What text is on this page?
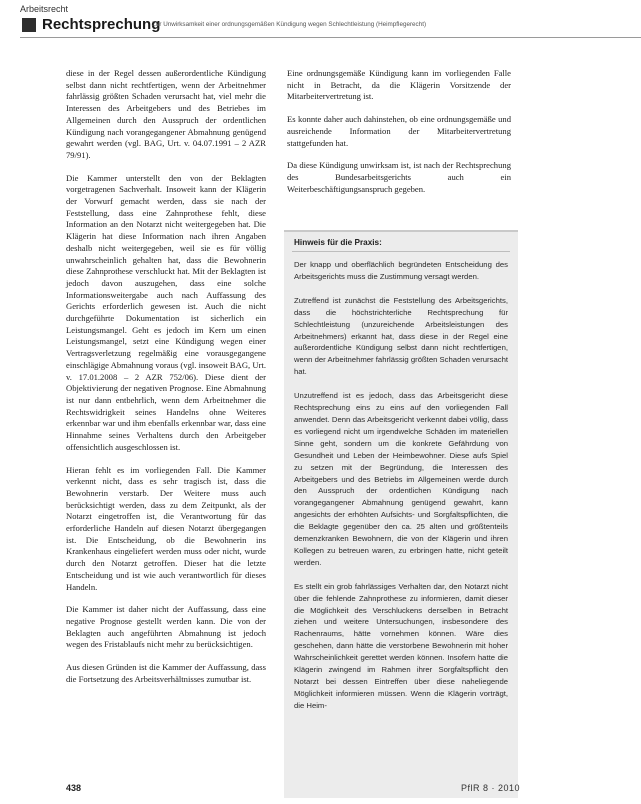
Arbeitsrecht
Rechtsprechung
Zur Unwirksamkeit einer ordnungsgemäßen Kündigung wegen Schlechtleistung (Heimpflegerecht)

diese in der Regel dessen außerordentliche Kündigung selbst dann nicht rechtfertigen, wenn der Arbeitnehmer fahrlässig größten Schaden verursacht hat, viel mehr die Interessen des Arbeitgebers und des Betriebes im Allgemeinen durch den Ausspruch der ordentlichen Kündigung nach vorangegangener Abmahnung genügend gewahrt werden (vgl. BAG, Urt. v. 04.07.1991 – 2 AZR 79/91).

Die Kammer unterstellt den von der Beklagten vorgetragenen Sachverhalt. Insoweit kann der Klägerin der Vorwurf gemacht werden, dass sie nach der Feststellung, dass eine Zahnprothese fehlt, diese Information an den Notarzt nicht weitergegeben hat. Die Klägerin hat diese Information nach ihren Angaben deshalb nicht weitergegeben, weil sie es für völlig unwahrscheinlich gehalten hat, dass die Bewohnerin diese Zahnprothese verschluckt hat. Mit der Beklagten ist jedoch davon auszugehen, dass eine solche Informationsweitergabe auch nach Auffassung des Gerichts erforderlich gewesen ist. Auch die nicht durchgeführte Dokumentation ist sicherlich ein Leistungsmangel. Geht es jedoch im Kern um einen Leistungsmangel, setzt eine Kündigung wegen einer Vertragsverletzung regelmäßig eine vorausgegangene einschlägige Abmahnung voraus (vgl. insoweit BAG, Urt. v. 17.01.2008 – 2 AZR 752/06). Diese dient der Objektivierung der negativen Prognose. Eine Abmahnung ist nur dann entbehrlich, wenn dem Arbeitnehmer die Rechtswidrigkeit seines Handelns ohne Weiteres erkennbar war und ihm ebenfalls erkennbar war, dass eine Hinnahme seines Verhaltens durch den Arbeitgeber offensichtlich ausgeschlossen ist.

Hieran fehlt es im vorliegenden Fall. Die Kammer verkennt nicht, dass es sehr tragisch ist, dass die Bewohnerin verstarb. Der Weitere muss auch berücksichtigt werden, dass zu dem Zeitpunkt, als der Notarzt eingetroffen ist, die Verantwortung für das erforderliche Handeln auf diesen Notarzt übergegangen ist. Die Entscheidung, ob die Bewohnerin ins Krankenhaus eingeliefert werden muss oder nicht, wurde durch den Notarzt getroffen. Dieser hat die letzte Entscheidung und ist wie auch verantwortlich für dieses Handeln.

Die Kammer ist daher nicht der Auffassung, dass eine negative Prognose gestellt werden kann. Die von der Beklagten auch angeführten Abmahnung ist jedoch wegen des Fristablaufs nicht mehr zu berücksichtigen.

Aus diesen Gründen ist die Kammer der Auffassung, dass die Fortsetzung des Arbeitsverhältnisses zumutbar ist.

Eine ordnungsgemäße Kündigung kann im vorliegenden Falle nicht in Betracht, da die Klägerin Vorsitzende der Mitarbeitervertretung ist.

Es konnte daher auch dahinstehen, ob eine ordnungsgemäße und ausreichende Information der Mitarbeitervertretung stattgefunden hat.

Da diese Kündigung unwirksam ist, ist nach der Rechtsprechung des Bundesarbeitsgerichts auch ein Weiterbeschäftigungsanspruch gegeben.

Hinweis für die Praxis:

Der knapp und oberflächlich begründeten Entscheidung des Arbeitsgerichts muss die Zustimmung versagt werden.

Zutreffend ist zunächst die Feststellung des Arbeitsgerichts, dass die höchstrichterliche Rechtsprechung für Schlechtleistung (unzureichende Arbeitsleistungen des Arbeitnehmers) erkannt hat, dass diese in der Regel eine außerordentliche Kündigung selbst dann nicht rechtfertigen, wenn der Arbeitnehmer fahrlässig größten Schaden verursacht hat.

Unzutreffend ist es jedoch, dass das Arbeitsgericht diese Rechtsprechung eins zu eins auf den vorliegenden Fall anwendet. Denn das Arbeitsgericht verkennt dabei völlig, dass es vorliegend nicht um irgendwelche Schäden im materiellen Sinne geht, sondern um die konkrete Gefährdung von Gesundheit und Leben der Heimbewohner. Diese aufs Spiel zu setzen mit der Begründung, die Interessen des Arbeitgebers und des Betriebs im Allgemeinen werde durch den Ausspruch der ordentlichen Kündigung nach vorangegangener Abmahnung genügend gewahrt, kann angesichts der erhöhten Aufsichts- und Sorgfaltspflichten, die die Beklagte gegenüber den ca. 25 alten und größtenteils demenzkranken Bewohnern, die von der Klägerin und ihren Kollegen zu betreuen waren, zu erbringen hatte, nicht geteilt werden.

Es stellt ein grob fahrlässiges Verhalten dar, den Notarzt nicht über die fehlende Zahnprothese zu informieren, damit dieser die Möglichkeit des Verschluckens derselben in Betracht ziehen und weitere Untersuchungen, insbesondere des Rachenraums, hätte vornehmen können. Wäre dies geschehen, dann hätte die verstorbene Bewohnerin mit hoher Wahrscheinlichkeit gerettet werden können. Insofern hatte die Klägerin zwingend im Rahmen ihrer Sorgfaltspflicht den Notarzt bei dessen Eintreffen über diese naheliegende Möglichkeit informieren müssen. Wenn die Klägerin vorträgt, die Heim-

438	PflR 8 · 2010
